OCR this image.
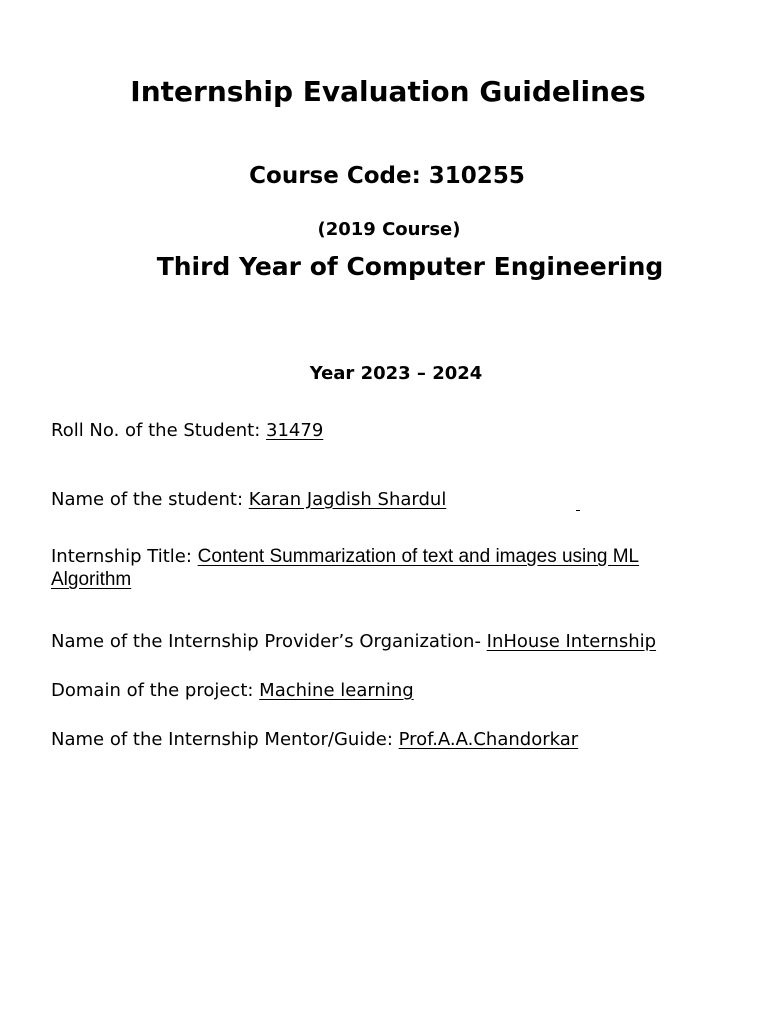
Internship Evaluation Guidelines
Course Code: 310255
(2019 Course)
Third Year of Computer Engineering
Year 2023 – 2024
Roll No. of the Student: 31479
Name of the student: Karan Jagdish Shardul
Internship Title: Content Summarization of text and images using ML Algorithm
Name of the Internship Provider’s Organization- InHouse Internship
Domain of the project: Machine learning
Name of the Internship Mentor/Guide: Prof.A.A.Chandorkar
